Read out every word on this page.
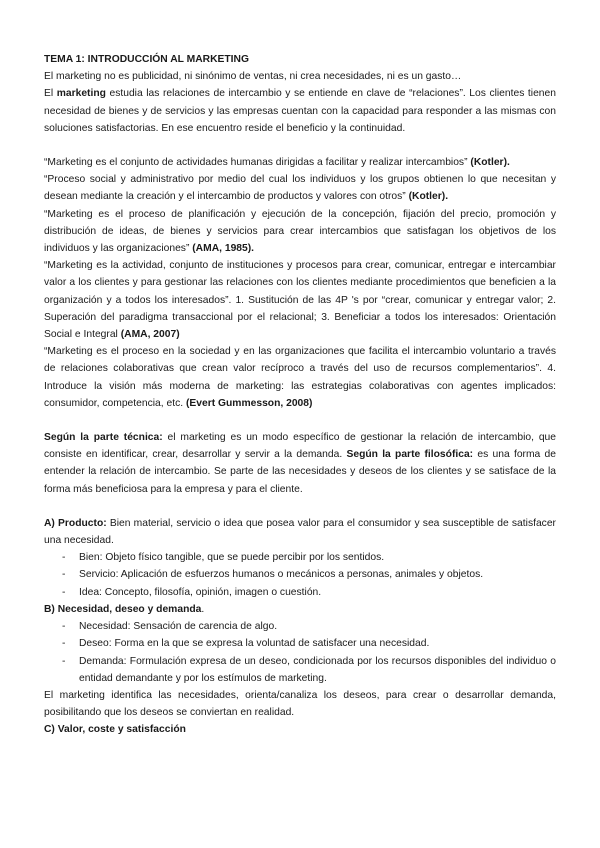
TEMA 1: INTRODUCCIÓN AL MARKETING

El marketing no es publicidad, ni sinónimo de ventas, ni crea necesidades, ni es un gasto…

El marketing estudia las relaciones de intercambio y se entiende en clave de “relaciones”. Los clientes tienen necesidad de bienes y de servicios y las empresas cuentan con la capacidad para responder a las mismas con soluciones satisfactorias. En ese encuentro reside el beneficio y la continuidad.

“Marketing es el conjunto de actividades humanas dirigidas a facilitar y realizar intercambios” (Kotler).

“Proceso social y administrativo por medio del cual los individuos y los grupos obtienen lo que necesitan y desean mediante la creación y el intercambio de productos y valores con otros” (Kotler).

“Marketing es el proceso de planificación y ejecución de la concepción, fijación del precio, promoción y distribución de ideas, de bienes y servicios para crear intercambios que satisfagan los objetivos de los individuos y las organizaciones” (AMA, 1985).

“Marketing es la actividad, conjunto de instituciones y procesos para crear, comunicar, entregar e intercambiar valor a los clientes y para gestionar las relaciones con los clientes mediante procedimientos que beneficien a la organización y a todos los interesados”. 1. Sustitución de las 4P 's por “crear, comunicar y entregar valor; 2. Superación del paradigma transaccional por el relacional; 3. Beneficiar a todos los interesados: Orientación Social e Integral (AMA, 2007)

“Marketing es el proceso en la sociedad y en las organizaciones que facilita el intercambio voluntario a través de relaciones colaborativas que crean valor recíproco a través del uso de recursos complementarios”. 4. Introduce la visión más moderna de marketing: las estrategias colaborativas con agentes implicados: consumidor, competencia, etc. (Evert Gummesson, 2008)

Según la parte técnica: el marketing es un modo específico de gestionar la relación de intercambio, que consiste en identificar, crear, desarrollar y servir a la demanda. Según la parte filosófica: es una forma de entender la relación de intercambio. Se parte de las necesidades y deseos de los clientes y se satisface de la forma más beneficiosa para la empresa y para el cliente.

A) Producto: Bien material, servicio o idea que posea valor para el consumidor y sea susceptible de satisfacer una necesidad.

- Bien: Objeto físico tangible, que se puede percibir por los sentidos.
- Servicio: Aplicación de esfuerzos humanos o mecánicos a personas, animales y objetos.
- Idea: Concepto, filosofía, opinión, imagen o cuestión.

B) Necesidad, deseo y demanda.

- Necesidad: Sensación de carencia de algo.
- Deseo: Forma en la que se expresa la voluntad de satisfacer una necesidad.
- Demanda: Formulación expresa de un deseo, condicionada por los recursos disponibles del individuo o entidad demandante y por los estímulos de marketing.

El marketing identifica las necesidades, orienta/canaliza los deseos, para crear o desarrollar demanda, posibilitando que los deseos se conviertan en realidad.

C) Valor, coste y satisfacción
